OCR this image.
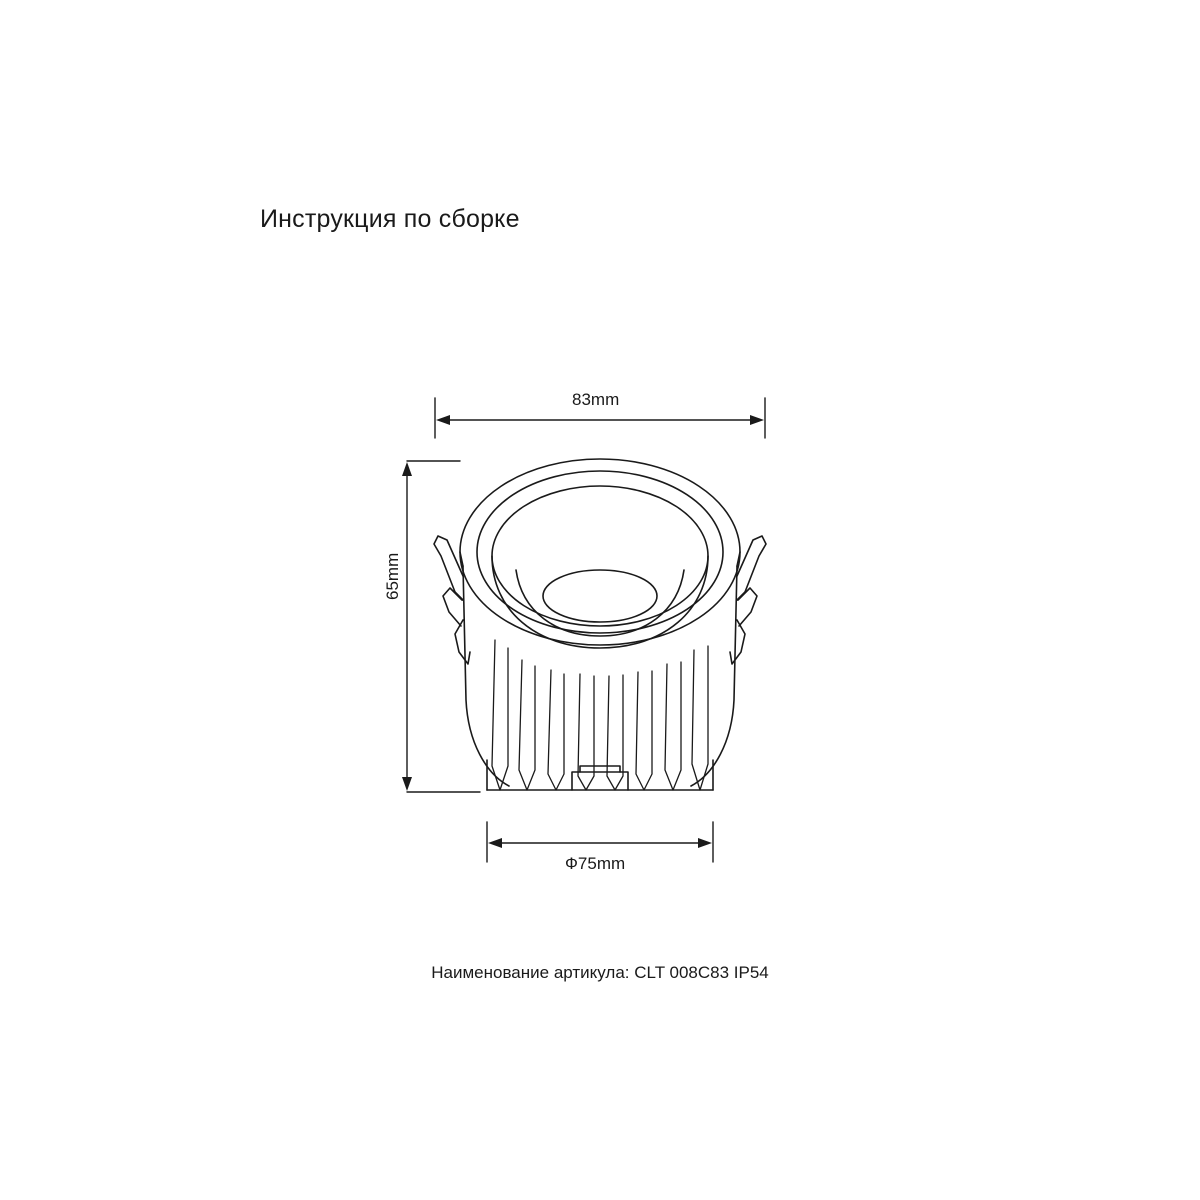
Инструкция по сборке
83mm
65mm
Ф75mm
Наименование артикула: CLT 008C83 IP54
